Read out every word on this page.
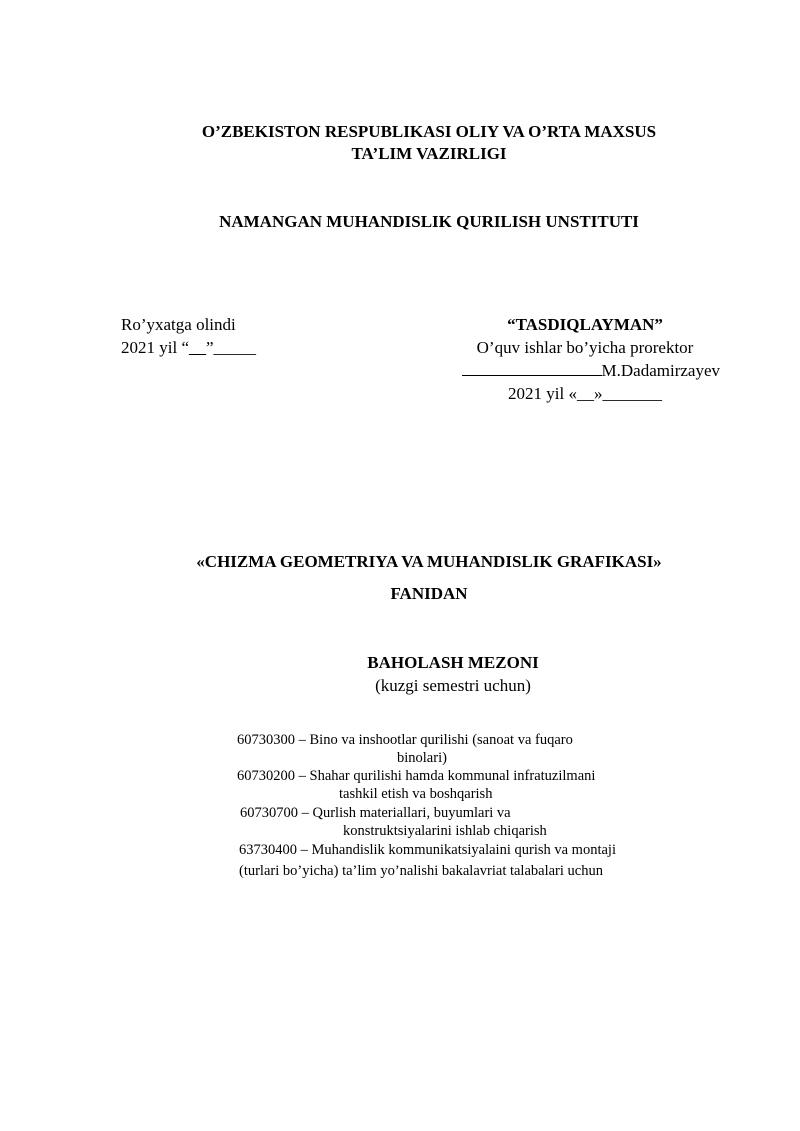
O’ZBEKISTON RESPUBLIKASI OLIY VA O’RTA MAXSUS
TA’LIM VAZIRLIGI
NAMANGAN MUHANDISLIK QURILISH UNSTITUTI
Ro’yxatga olindi
2021 yil “__”_____
“TASDIQLAYMAN”
O’quv ishlar bo’yicha prorektor
M.Dadamirzayev
2021 yil «__»_______
«CHIZMA GEOMETRIYA VA MUHANDISLIK GRAFIKASI»
FANIDAN
BAHOLASH MEZONI
(kuzgi semestri uchun)
60730300 – Bino va inshootlar qurilishi (sanoat va fuqaro
binolari)
60730200 – Shahar qurilishi hamda kommunal infratuzilmani
tashkil etish va boshqarish
60730700 – Qurlish materiallari, buyumlari va
konstruktsiyalarini ishlab chiqarish
63730400 – Muhandislik kommunikatsiyalaini qurish va montaji
(turlari bo’yicha) ta’lim yo’nalishi bakalavriat talabalari uchun
